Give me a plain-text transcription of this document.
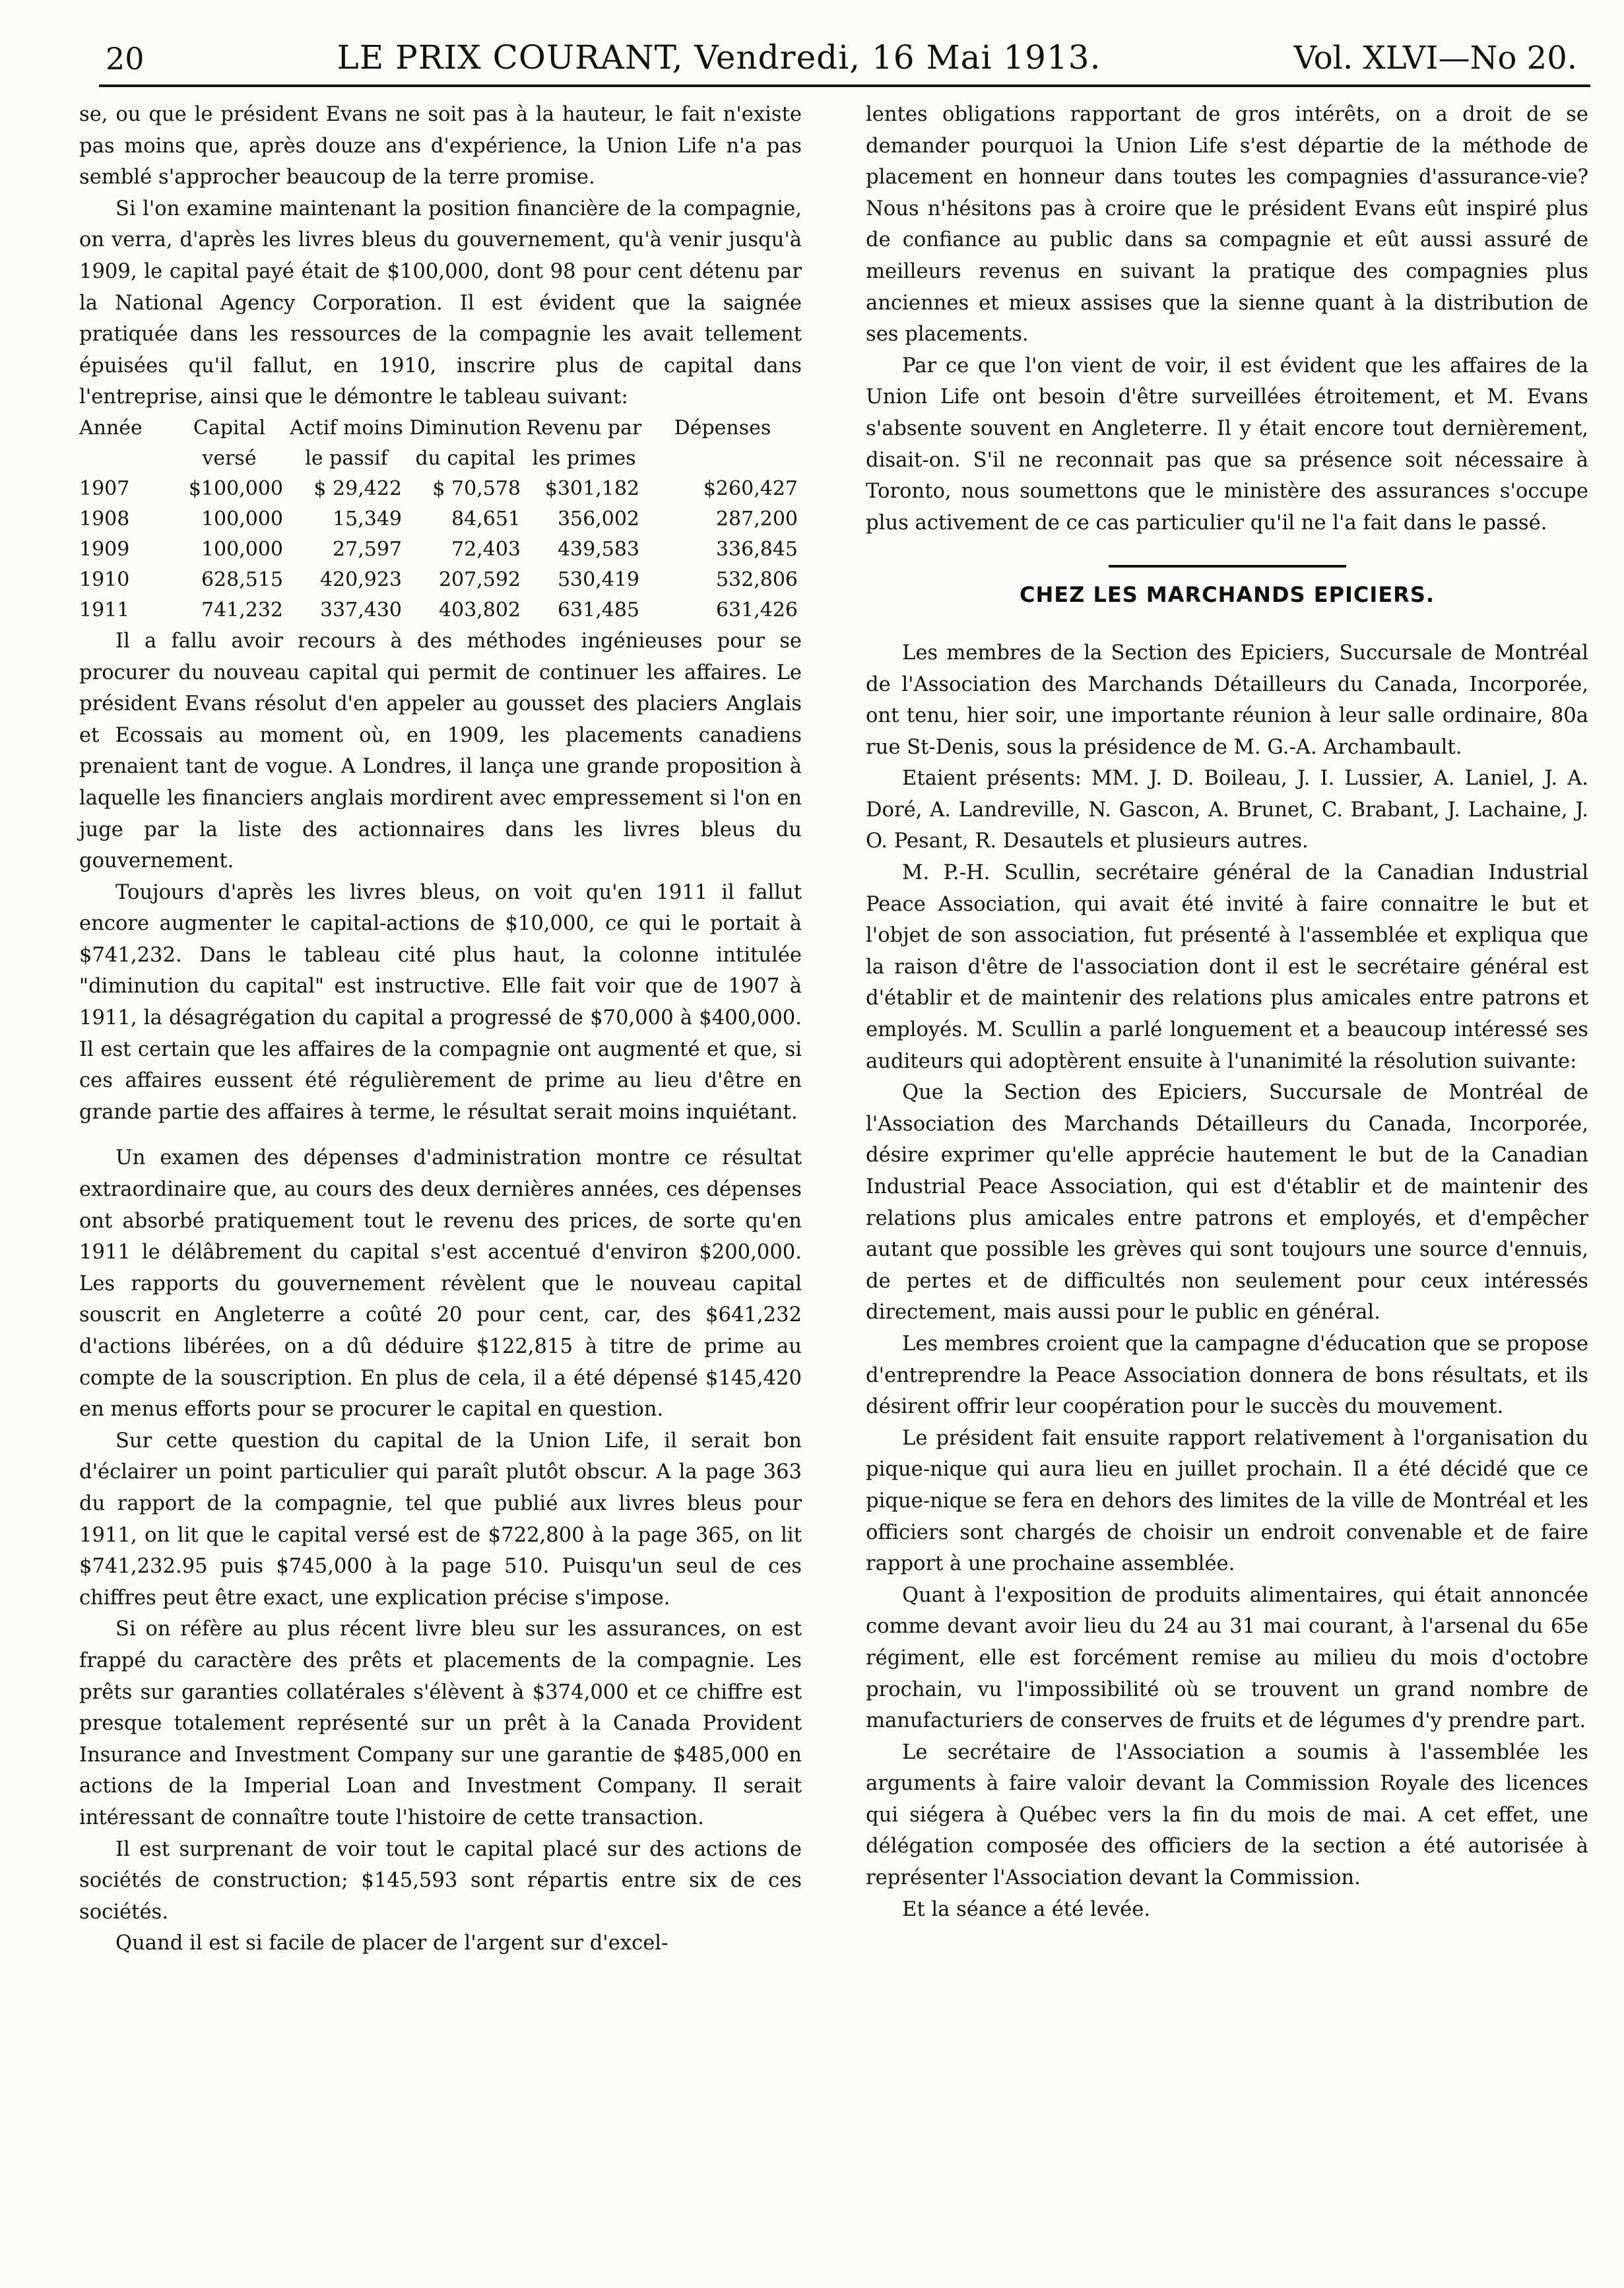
20	LE PRIX COURANT, Vendredi, 16 Mai 1913.	Vol. XLVI—No 20.

se, ou que le président Evans ne soit pas à la hauteur, le fait n'existe pas moins que, après douze ans d'expérience, la Union Life n'a pas semblé s'approcher beaucoup de la terre promise.

Si l'on examine maintenant la position financière de la compagnie, on verra, d'après les livres bleus du gouvernement, qu'à venir jusqu'à 1909, le capital payé était de $100,000, dont 98 pour cent détenu par la National Agency Corporation. Il est évident que la saignée pratiquée dans les ressources de la compagnie les avait tellement épuisées qu'il fallut, en 1910, inscrire plus de capital dans l'entreprise, ainsi que le démontre le tableau suivant:

Année	Capital versé	Actif moins le passif	Diminution du capital	Revenu par les primes	Dépenses
1907	$100,000	$ 29,422	$ 70,578	$301,182	$260,427
1908	100,000	15,349	84,651	356,002	287,200
1909	100,000	27,597	72,403	439,583	336,845
1910	628,515	420,923	207,592	530,419	532,806
1911	741,232	337,430	403,802	631,485	631,426

Il a fallu avoir recours à des méthodes ingénieuses pour se procurer du nouveau capital qui permit de continuer les affaires. Le président Evans résolut d'en appeler au gousset des placiers Anglais et Ecossais au moment où, en 1909, les placements canadiens prenaient tant de vogue. A Londres, il lança une grande proposition à laquelle les financiers anglais mordirent avec empressement si l'on en juge par la liste des actionnaires dans les livres bleus du gouvernement.

Toujours d'après les livres bleus, on voit qu'en 1911 il fallut encore augmenter le capital-actions de $10,000, ce qui le portait à $741,232. Dans le tableau cité plus haut, la colonne intitulée "diminution du capital" est instructive. Elle fait voir que de 1907 à 1911, la désagrégation du capital a progressé de $70,000 à $400,000. Il est certain que les affaires de la compagnie ont augmenté et que, si ces affaires eussent été régulièrement de prime au lieu d'être en grande partie des affaires à terme, le résultat serait moins inquiétant.

Un examen des dépenses d'administration montre ce résultat extraordinaire que, au cours des deux dernières années, ces dépenses ont absorbé pratiquement tout le revenu des prices, de sorte qu'en 1911 le délâbrement du capital s'est accentué d'environ $200,000. Les rapports du gouvernement révèlent que le nouveau capital souscrit en Angleterre a coûté 20 pour cent, car, des $641,232 d'actions libérées, on a dû déduire $122,815 à titre de prime au compte de la souscription. En plus de cela, il a été dépensé $145,420 en menus efforts pour se procurer le capital en question.

Sur cette question du capital de la Union Life, il serait bon d'éclairer un point particulier qui paraît plutôt obscur. A la page 363 du rapport de la compagnie, tel que publié aux livres bleus pour 1911, on lit que le capital versé est de $722,800 à la page 365, on lit $741,232.95 puis $745,000 à la page 510. Puisqu'un seul de ces chiffres peut être exact, une explication précise s'impose.

Si on réfère au plus récent livre bleu sur les assurances, on est frappé du caractère des prêts et placements de la compagnie. Les prêts sur garanties collatérales s'élèvent à $374,000 et ce chiffre est presque totalement représenté sur un prêt à la Canada Provident Insurance and Investment Company sur une garantie de $485,000 en actions de la Imperial Loan and Investment Company. Il serait intéressant de connaître toute l'histoire de cette transaction.

Il est surprenant de voir tout le capital placé sur des actions de sociétés de construction; $145,593 sont répartis entre six de ces sociétés.

Quand il est si facile de placer de l'argent sur d'excel-

lentes obligations rapportant de gros intérêts, on a droit de se demander pourquoi la Union Life s'est départie de la méthode de placement en honneur dans toutes les compagnies d'assurance-vie? Nous n'hésitons pas à croire que le président Evans eût inspiré plus de confiance au public dans sa compagnie et eût aussi assuré de meilleurs revenus en suivant la pratique des compagnies plus anciennes et mieux assises que la sienne quant à la distribution de ses placements.

Par ce que l'on vient de voir, il est évident que les affaires de la Union Life ont besoin d'être surveillées étroitement, et M. Evans s'absente souvent en Angleterre. Il y était encore tout dernièrement, disait-on. S'il ne reconnait pas que sa présence soit nécessaire à Toronto, nous soumettons que le ministère des assurances s'occupe plus activement de ce cas particulier qu'il ne l'a fait dans le passé.

CHEZ LES MARCHANDS EPICIERS.

Les membres de la Section des Epiciers, Succursale de Montréal de l'Association des Marchands Détailleurs du Canada, Incorporée, ont tenu, hier soir, une importante réunion à leur salle ordinaire, 80a rue St-Denis, sous la présidence de M. G.-A. Archambault.

Etaient présents: MM. J. D. Boileau, J. I. Lussier, A. Laniel, J. A. Doré, A. Landreville, N. Gascon, A. Brunet, C. Brabant, J. Lachaine, J. O. Pesant, R. Desautels et plusieurs autres.

M. P.-H. Scullin, secrétaire général de la Canadian Industrial Peace Association, qui avait été invité à faire connaitre le but et l'objet de son association, fut présenté à l'assemblée et expliqua que la raison d'être de l'association dont il est le secrétaire général est d'établir et de maintenir des relations plus amicales entre patrons et employés. M. Scullin a parlé longuement et a beaucoup intéressé ses auditeurs qui adoptèrent ensuite à l'unanimité la résolution suivante:

Que la Section des Epiciers, Succursale de Montréal de l'Association des Marchands Détailleurs du Canada, Incorporée, désire exprimer qu'elle apprécie hautement le but de la Canadian Industrial Peace Association, qui est d'établir et de maintenir des relations plus amicales entre patrons et employés, et d'empêcher autant que possible les grèves qui sont toujours une source d'ennuis, de pertes et de difficultés non seulement pour ceux intéressés directement, mais aussi pour le public en général.

Les membres croient que la campagne d'éducation que se propose d'entreprendre la Peace Association donnera de bons résultats, et ils désirent offrir leur coopération pour le succès du mouvement.

Le président fait ensuite rapport relativement à l'organisation du pique-nique qui aura lieu en juillet prochain. Il a été décidé que ce pique-nique se fera en dehors des limites de la ville de Montréal et les officiers sont chargés de choisir un endroit convenable et de faire rapport à une prochaine assemblée.

Quant à l'exposition de produits alimentaires, qui était annoncée comme devant avoir lieu du 24 au 31 mai courant, à l'arsenal du 65e régiment, elle est forcément remise au milieu du mois d'octobre prochain, vu l'impossibilité où se trouvent un grand nombre de manufacturiers de conserves de fruits et de légumes d'y prendre part.

Le secrétaire de l'Association a soumis à l'assemblée les arguments à faire valoir devant la Commission Royale des licences qui siégera à Québec vers la fin du mois de mai. A cet effet, une délégation composée des officiers de la section a été autorisée à représenter l'Association devant la Commission.

Et la séance a été levée.
